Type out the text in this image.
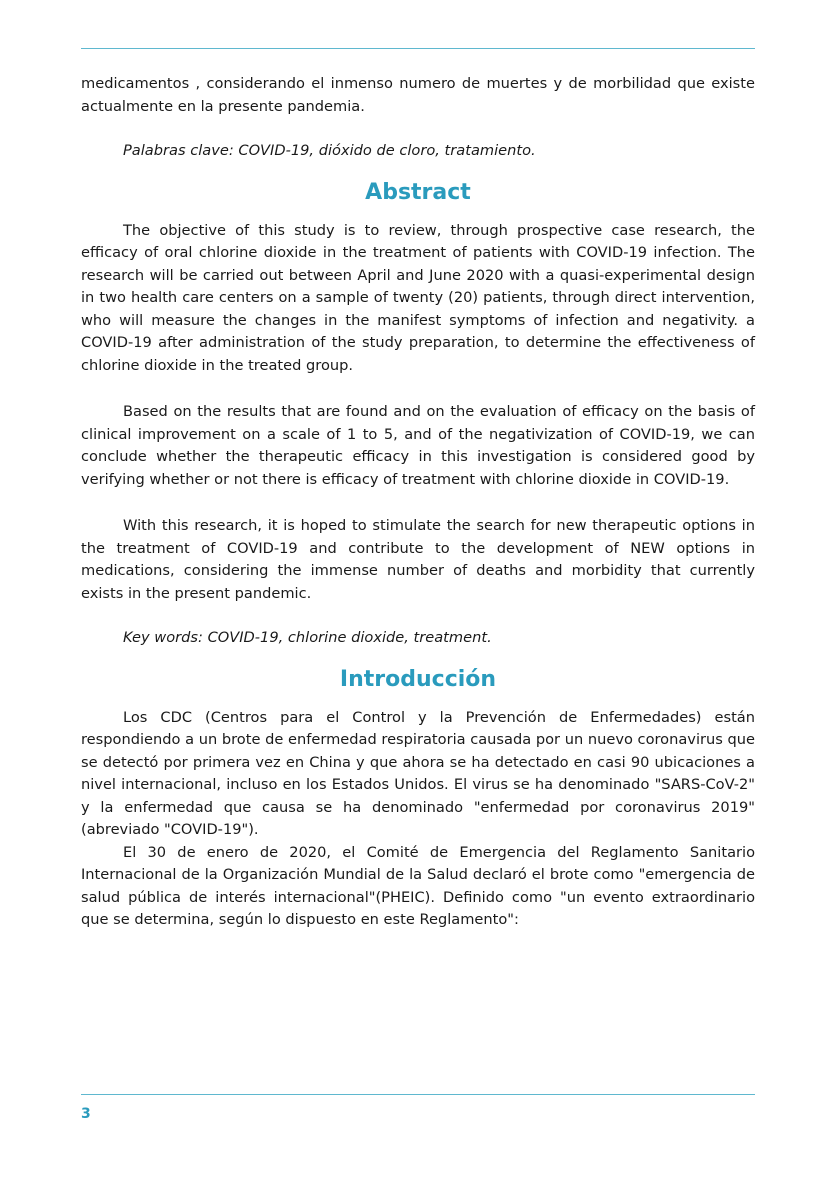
medicamentos , considerando el inmenso numero de muertes y de morbilidad que existe actualmente en la presente pandemia.

Palabras clave: COVID-19, dióxido de cloro, tratamiento.

Abstract

The objective of this study is to review, through prospective case research, the efficacy of oral chlorine dioxide in the treatment of patients with COVID-19 infection. The research will be carried out between April and June 2020 with a quasi-experimental design in two health care centers on a sample of twenty (20) patients, through direct intervention, who will measure the changes in the manifest symptoms of infection and negativity. a COVID-19 after administration of the study preparation, to determine the effectiveness of chlorine dioxide in the treated group.

Based on the results that are found and on the evaluation of efficacy on the basis of clinical improvement on a scale of 1 to 5, and of the negativization of COVID-19, we can conclude whether the therapeutic efficacy in this investigation is considered good by verifying whether or not there is efficacy of treatment with chlorine dioxide in COVID-19.

With this research, it is hoped to stimulate the search for new therapeutic options in the treatment of COVID-19 and contribute to the development of NEW options in medications, considering the immense number of deaths and morbidity that currently exists in the present pandemic.

Key words: COVID-19, chlorine dioxide, treatment.

Introducción

Los CDC (Centros para el Control y la Prevención de Enfermedades) están respondiendo a un brote de enfermedad respiratoria causada por un nuevo coronavirus que se detectó por primera vez en China y que ahora se ha detectado en casi 90 ubicaciones a nivel internacional, incluso en los Estados Unidos. El virus se ha denominado "SARS-CoV-2" y la enfermedad que causa se ha denominado "enfermedad por coronavirus 2019" (abreviado "COVID-19").

El 30 de enero de 2020, el Comité de Emergencia del Reglamento Sanitario Internacional de la Organización Mundial de la Salud declaró el brote como "emergencia de salud pública de interés internacional"(PHEIC). Definido como "un evento extraordinario que se determina, según lo dispuesto en este Reglamento":

3
